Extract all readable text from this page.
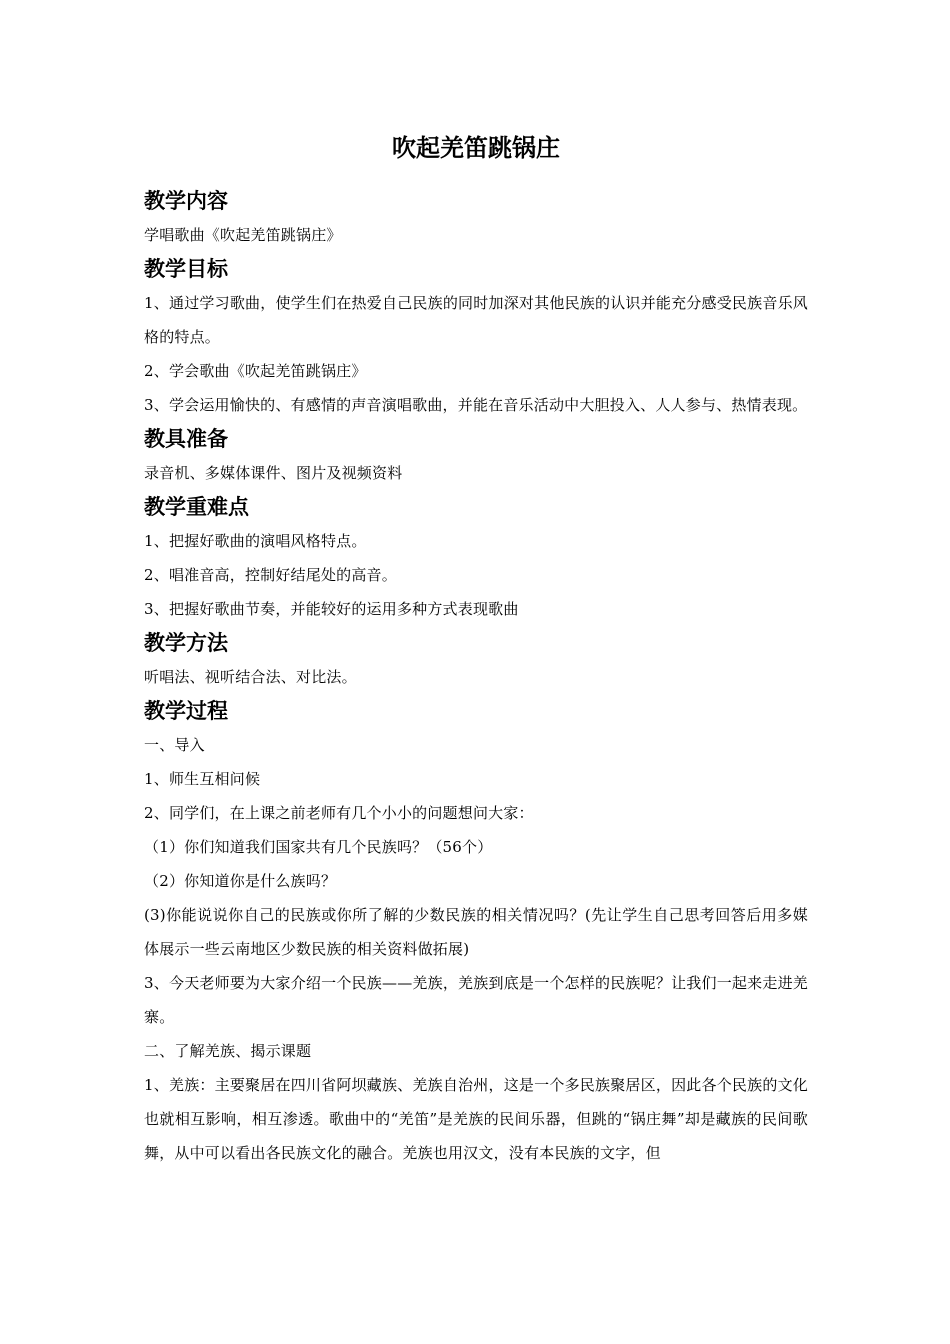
吹起羌笛跳锅庄
教学内容

学唱歌曲《吹起羌笛跳锅庄》

教学目标

1、通过学习歌曲，使学生们在热爱自己民族的同时加深对其他民族的认识并能充分感受民族音乐风格的特点。

2、学会歌曲《吹起羌笛跳锅庄》

3、学会运用愉快的、有感情的声音演唱歌曲，并能在音乐活动中大胆投入、人人参与、热情表现。

教具准备

录音机、多媒体课件、图片及视频资料

教学重难点

1、把握好歌曲的演唱风格特点。

2、唱准音高，控制好结尾处的高音。

3、把握好歌曲节奏，并能较好的运用多种方式表现歌曲

教学方法

听唱法、视听结合法、对比法。

教学过程

一、导入

1、师生互相问候

2、同学们，在上课之前老师有几个小小的问题想问大家：

（1）你们知道我们国家共有几个民族吗？（56个）

（2）你知道你是什么族吗？

(3)你能说说你自己的民族或你所了解的少数民族的相关情况吗？(先让学生自己思考回答后用多媒体展示一些云南地区少数民族的相关资料做拓展)

3、今天老师要为大家介绍一个民族——羌族，羌族到底是一个怎样的民族呢？让我们一起来走进羌寨。

二、了解羌族、揭示课题

1、羌族：主要聚居在四川省阿坝藏族、羌族自治州，这是一个多民族聚居区，因此各个民族的文化也就相互影响，相互渗透。歌曲中的“羌笛”是羌族的民间乐器，但跳的“锅庄舞”却是藏族的民间歌舞，从中可以看出各民族文化的融合。羌族也用汉文，没有本民族的文字，但
